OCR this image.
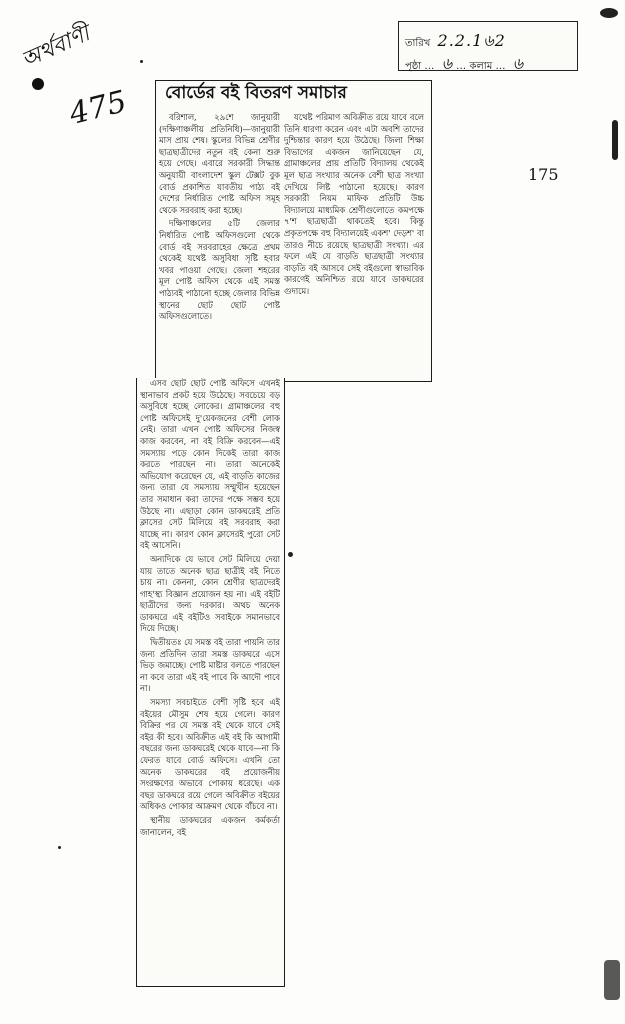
অর্থবাণী
475
175
তারিখ 2.2.1৬2
পৃষ্ঠা … ৬ … কলাম … ৬
বোর্ডের বই বিতরণ সমাচার

বরিশাল, ২৯শে জানুয়ারী (দক্ষিণাঞ্চলীয় প্রতিনিধি)—জানুয়ারী মাস প্রায় শেষ। স্কুলের বিভিন্ন শ্রেণীর ছাত্রছাত্রীদের নতুন বই কেনা শুরু হয়ে গেছে। এবারে সরকারী সিদ্ধান্ত অনুযায়ী বাংলাদেশ স্কুল টেক্সট বুক বোর্ড প্রকাশিত যাবতীয় পাঠ্য বই দেশের নির্ধারিত পোষ্ট অফিস সমূহ থেকে সরবরাহ করা হচ্ছে।

দক্ষিণাঞ্চলের ৫টি জেলার নির্ধারিত পোষ্ট অফিসগুলো থেকে বোর্ড বই সরবরাহের ক্ষেত্রে প্রথম থেকেই যথেষ্ট অসুবিধা সৃষ্টি হবার খবর পাওয়া গেছে। জেলা শহরের মূল পোষ্ট অফিস থেকে এই সমস্ত পাঠ্যবই পাঠানো হচ্ছে জেলার বিভিন্ন স্থানের ছোট ছোট পোষ্ট অফিসগুলোতে।

যথেষ্ট পরিমাণ অবিক্রীত রয়ে যাবে বলে তিনি ধারণা করেন এবং এটা অবশি তাদের দুশ্চিন্তার কারণ হয়ে উঠেছে। জিলা শিক্ষা বিভাগের একজন জানিয়েছেন যে, গ্রামাঞ্চলের প্রায় প্রতিটি বিদ্যালয় থেকেই মূল ছাত্র সংখ্যার অনেক বেশী ছাত্র সংখ্যা দেখিয়ে লিষ্ট পাঠানো হয়েছে। কারণ সরকারী নিয়ম মাফিক প্রতিটি উচ্চ বিদ্যালয়ে মাধ্যমিক শ্রেণীগুলোতে কমপক্ষে ৭'শ ছাত্রছাত্রী থাকতেই হবে। কিন্তু প্রকৃতপক্ষে বহু বিদ্যালয়েই একশ' দেড়শ' বা তারও নীচে রয়েছে ছাত্রছাত্রী সংখ্যা। এর ফলে এই যে বাড়তি ছাত্রছাত্রী সংখ্যার বাড়তি বই আসবে সেই বইগুলো স্বাভাবিক কারণেই অনিশ্চিত রয়ে যাবে ডাকঘরের গুদামে।

এসব ছোট ছোট পোষ্ট অফিসে এখনই স্থানাভাব প্রকট হয়ে উঠেছে। সবচেয়ে বড় অসুবিধে হচ্ছে লোকের। গ্রামাঞ্চলের বহু পোষ্ট অফিসেই দু'য়েকজনের বেশী লোক নেই। তারা এখন পোষ্ট অফিসের নিজস্ব কাজ করবেন, না বই বিক্রি করবেন—এই সমস্যায় পড়ে কোন দিকেই তারা কাজ করতে পারছেন না। তারা অনেকেই অভিযোগ করেছেন যে, এই বাড়তি কাজের জন্য তারা যে সমস্যায় সম্মুখীন হয়েছেন তার সমাধান করা তাদের পক্ষে সম্ভব হয়ে উঠছে না। এছাড়া কোন ডাকঘরেই প্রতি ক্লাসের সেট মিলিয়ে বই সরবরাহ করা যাচ্ছে না। কারণ কোন ক্লাসেরই পুরো সেট বই আসেনি।

অন্যদিকে যে ভাবে সেট মিলিয়ে দেয়া যায় তাতে অনেক ছাত্র ছাত্রীই বই নিতে চায় না। কেননা, কোন শ্রেণীর ছাত্রদেরই গাহ'স্থ্য বিজ্ঞান প্রয়োজন হয় না। এই বইটি ছাত্রীদের জন্য দরকার। অথচ অনেক ডাকঘরে এই বইটিও সবাইকে সমানভাবে দিয়ে দিচ্ছে।

দ্বিতীয়তঃ যে সমস্ত বই তারা পায়নি তার জন্য প্রতিদিন তারা সমস্ত ডাকঘরে এসে ভিড় জমাচ্ছে। পোষ্ট মাষ্টার বলতে পারছেন না কবে তারা এই বই পাবে কি আদৌ পাবে না।

সমস্যা সবচাইতে বেশী সৃষ্টি হবে এই বইয়ের মৌসুম শেষ হয়ে গেলে। কারণ বিক্রির পর যে সমস্ত বই থেকে যাবে সেই বইর কী হবে। অবিক্রীত এই বই কি আগামী বছরের জন্য ডাকঘরেই থেকে যাবে—না কি ফেরত যাবে বোর্ড অফিসে। এখনি তো অনেক ডাকঘরের বই প্রয়োজনীয় সংরক্ষণের অভাবে পোকায় ধরেছে। এক বছর ডাকঘরে রয়ে গেলে অবিক্রীত বইয়ের অধিকও পোকার আক্রমণ থেকে বাঁচবে না।

স্থানীয় ডাকঘরের একজন কর্মকর্তা জানালেন, বই
